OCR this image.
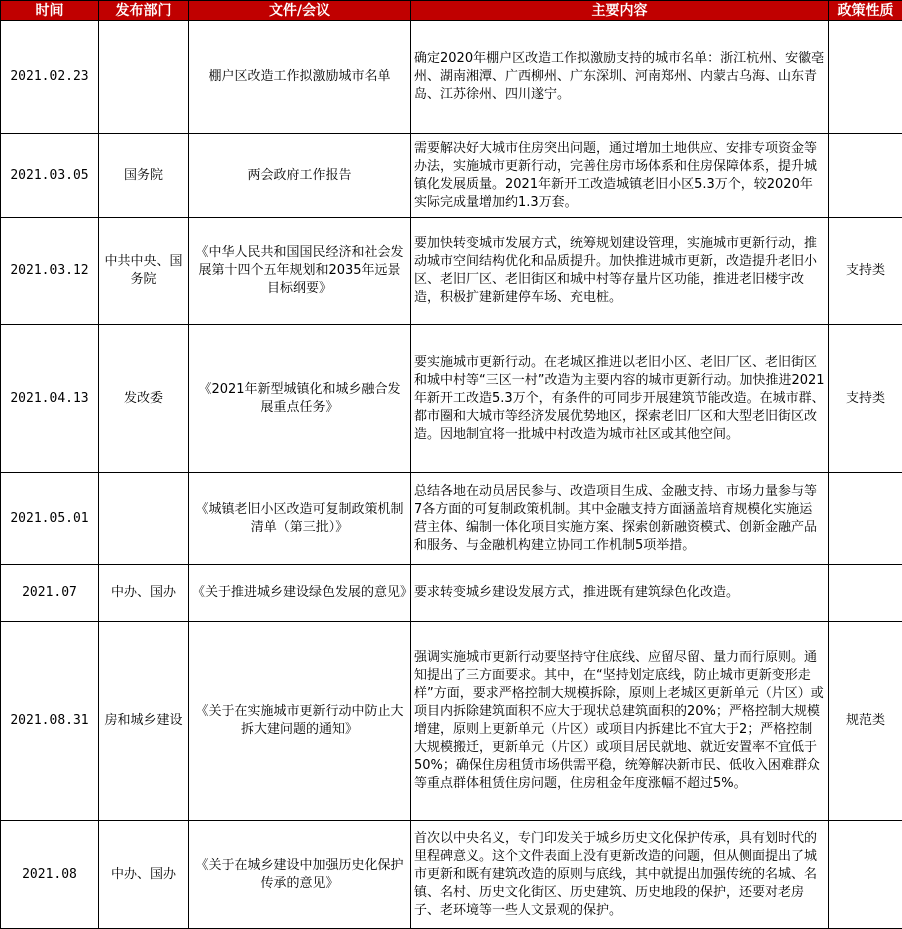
时间	发布部门	文件/会议	主要内容	政策性质
2021.02.23		棚户区改造工作拟激励城市名单	确定2020年棚户区改造工作拟激励支持的城市名单：浙江杭州、安徽亳州、湖南湘潭、广西柳州、广东深圳、河南郑州、内蒙古乌海、山东青岛、江苏徐州、四川遂宁。	
2021.03.05	国务院	两会政府工作报告	需要解决好大城市住房突出问题，通过增加土地供应、安排专项资金等办法，实施城市更新行动，完善住房市场体系和住房保障体系，提升城镇化发展质量。2021年新开工改造城镇老旧小区5.3万个，较2020年实际完成量增加约1.3万套。	
2021.03.12	中共中央、国务院	《中华人民共和国国民经济和社会发展第十四个五年规划和2035年远景目标纲要》	要加快转变城市发展方式，统筹规划建设管理，实施城市更新行动，推动城市空间结构优化和品质提升。加快推进城市更新，改造提升老旧小区、老旧厂区、老旧街区和城中村等存量片区功能，推进老旧楼宇改造，积极扩建新建停车场、充电桩。	支持类
2021.04.13	发改委	《2021年新型城镇化和城乡融合发展重点任务》	要实施城市更新行动。在老城区推进以老旧小区、老旧厂区、老旧街区和城中村等“三区一村”改造为主要内容的城市更新行动。加快推进2021年新开工改造5.3万个，有条件的可同步开展建筑节能改造。在城市群、都市圈和大城市等经济发展优势地区，探索老旧厂区和大型老旧街区改造。因地制宜将一批城中村改造为城市社区或其他空间。	支持类
2021.05.01		《城镇老旧小区改造可复制政策机制清单（第三批）》	总结各地在动员居民参与、改造项目生成、金融支持、市场力量参与等7各方面的可复制政策机制。其中金融支持方面涵盖培育规模化实施运营主体、编制一体化项目实施方案、探索创新融资模式、创新金融产品和服务、与金融机构建立协同工作机制5项举措。	
2021.07	中办、国办	《关于推进城乡建设绿色发展的意见》	要求转变城乡建设发展方式，推进既有建筑绿色化改造。	
2021.08.31	房和城乡建设	《关于在实施城市更新行动中防止大拆大建问题的通知》	强调实施城市更新行动要坚持守住底线、应留尽留、量力而行原则。通知提出了三方面要求。其中，在“坚持划定底线，防止城市更新变形走样”方面，要求严格控制大规模拆除，原则上老城区更新单元（片区）或项目内拆除建筑面积不应大于现状总建筑面积的20%；严格控制大规模增建，原则上更新单元（片区）或项目内拆建比不宜大于2；严格控制大规模搬迁，更新单元（片区）或项目居民就地、就近安置率不宜低于50%；确保住房租赁市场供需平稳，统筹解决新市民、低收入困难群众等重点群体租赁住房问题，住房租金年度涨幅不超过5%。	规范类
2021.08	中办、国办	《关于在城乡建设中加强历史化保护传承的意见》	首次以中央名义，专门印发关于城乡历史文化保护传承，具有划时代的里程碑意义。这个文件表面上没有更新改造的问题，但从侧面提出了城市更新和既有建筑改造的原则与底线，其中就提出加强传统的名城、名镇、名村、历史文化街区、历史建筑、历史地段的保护，还要对老房子、老环境等一些人文景观的保护。	
